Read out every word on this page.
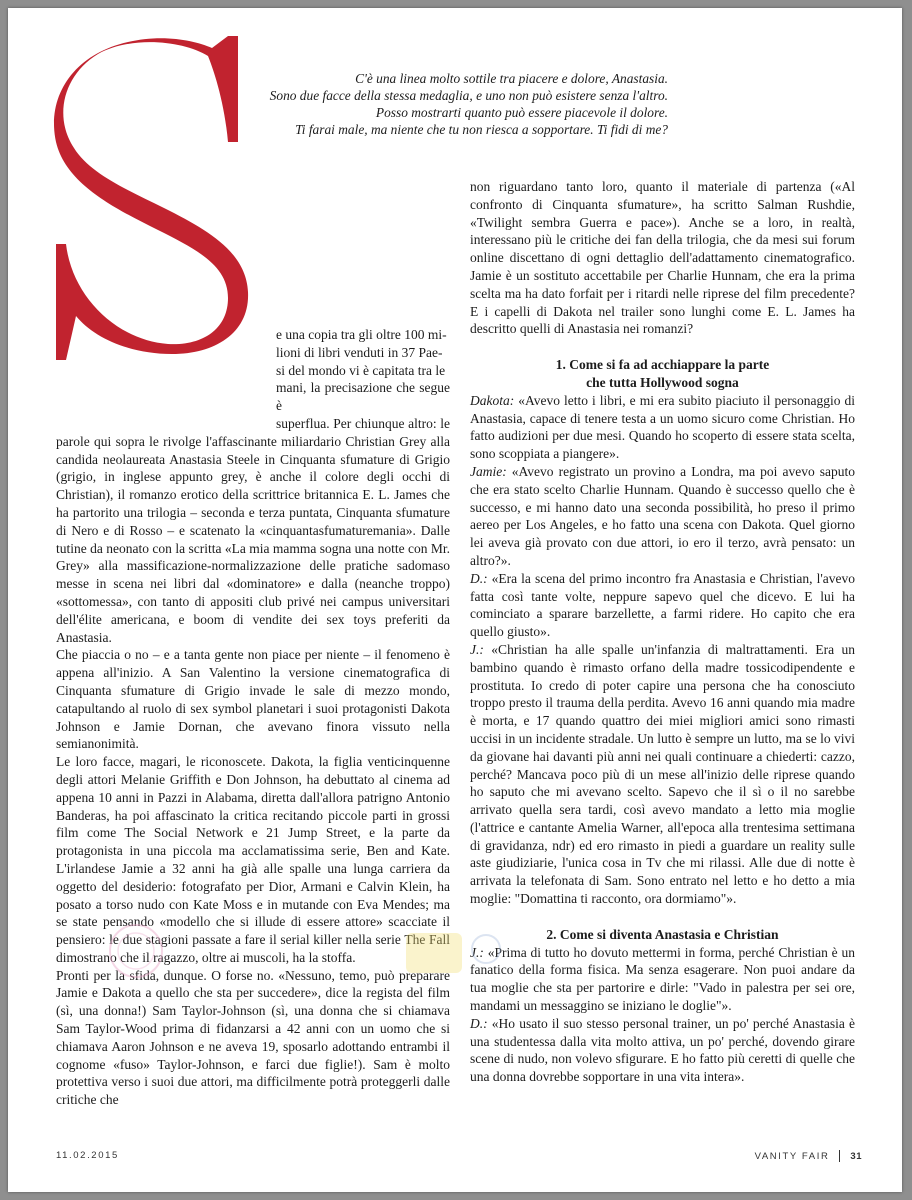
C'è una linea molto sottile tra piacere e dolore, Anastasia.

Sono due facce della stessa medaglia, e uno non può esistere senza l'altro.

Posso mostrarti quanto può essere piacevole il dolore.

Ti farai male, ma niente che tu non riesca a sopportare. Ti fidi di me?

e una copia tra gli oltre 100 mi-
lioni di libri venduti in 37 Pae-
si del mondo vi è capitata tra le
mani, la precisazione che segue è
superflua. Per chiunque altro: le parole qui sopra le rivolge l'affascinante miliardario Christian Grey alla candida neolaureata Anastasia Steele in Cinquanta sfumature di Grigio (grigio, in inglese appunto grey, è anche il colore degli occhi di Christian), il romanzo erotico della scrittrice britannica E. L. James che ha partorito una trilogia – seconda e terza puntata, Cinquanta sfumature di Nero e di Rosso – e scatenato la «cinquantasfumaturemania». Dalle tutine da neonato con la scritta «La mia mamma sogna una notte con Mr. Grey» alla massificazione-normalizzazione delle pratiche sadomaso messe in scena nei libri dal «dominatore» e dalla (neanche troppo) «sottomessa», con tanto di appositi club privé nei campus universitari dell'élite americana, e boom di vendite dei sex toys preferiti da Anastasia.

Che piaccia o no – e a tanta gente non piace per niente – il fenomeno è appena all'inizio. A San Valentino la versione cinematografica di Cinquanta sfumature di Grigio invade le sale di mezzo mondo, catapultando al ruolo di sex symbol planetari i suoi protagonisti Dakota Johnson e Jamie Dornan, che avevano finora vissuto nella semianonimità.

Le loro facce, magari, le riconoscete. Dakota, la figlia venticinquenne degli attori Melanie Griffith e Don Johnson, ha debuttato al cinema ad appena 10 anni in Pazzi in Alabama, diretta dall'allora patrigno Antonio Banderas, ha poi affascinato la critica recitando piccole parti in grossi film come The Social Network e 21 Jump Street, e la parte da protagonista in una piccola ma acclamatissima serie, Ben and Kate. L'irlandese Jamie a 32 anni ha già alle spalle una lunga carriera da oggetto del desiderio: fotografato per Dior, Armani e Calvin Klein, ha posato a torso nudo con Kate Moss e in mutande con Eva Mendes; ma se state pensando «modello che si illude di essere attore» scacciate il pensiero: le due stagioni passate a fare il serial killer nella serie The Fall dimostrano che il ragazzo, oltre ai muscoli, ha la stoffa.

Pronti per la sfida, dunque. O forse no. «Nessuno, temo, può preparare Jamie e Dakota a quello che sta per succedere», dice la regista del film (sì, una donna!) Sam Taylor-Johnson (sì, una donna che si chiamava Sam Taylor-Wood prima di fidanzarsi a 42 anni con un uomo che si chiamava Aaron Johnson e ne aveva 19, sposarlo adottando entrambi il cognome «fuso» Taylor-Johnson, e farci due figlie!). Sam è molto protettiva verso i suoi due attori, ma difficilmente potrà proteggerli dalle critiche che

non riguardano tanto loro, quanto il materiale di partenza («Al confronto di Cinquanta sfumature», ha scritto Salman Rushdie, «Twilight sembra Guerra e pace»). Anche se a loro, in realtà, interessano più le critiche dei fan della trilogia, che da mesi sui forum online discettano di ogni dettaglio dell'adattamento cinematografico. Jamie è un sostituto accettabile per Charlie Hunnam, che era la prima scelta ma ha dato forfait per i ritardi nelle riprese del film precedente? E i capelli di Dakota nel trailer sono lunghi come E. L. James ha descritto quelli di Anastasia nei romanzi?

1. Come si fa ad acchiappare la parte
che tutta Hollywood sogna

Dakota: «Avevo letto i libri, e mi era subito piaciuto il personaggio di Anastasia, capace di tenere testa a un uomo sicuro come Christian. Ho fatto audizioni per due mesi. Quando ho scoperto di essere stata scelta, sono scoppiata a piangere».

Jamie: «Avevo registrato un provino a Londra, ma poi avevo saputo che era stato scelto Charlie Hunnam. Quando è successo quello che è successo, e mi hanno dato una seconda possibilità, ho preso il primo aereo per Los Angeles, e ho fatto una scena con Dakota. Quel giorno lei aveva già provato con due attori, io ero il terzo, avrà pensato: un altro?».

D.: «Era la scena del primo incontro fra Anastasia e Christian, l'avevo fatta così tante volte, neppure sapevo quel che dicevo. E lui ha cominciato a sparare barzellette, a farmi ridere. Ho capito che era quello giusto».

J.: «Christian ha alle spalle un'infanzia di maltrattamenti. Era un bambino quando è rimasto orfano della madre tossicodipendente e prostituta. Io credo di poter capire una persona che ha conosciuto troppo presto il trauma della perdita. Avevo 16 anni quando mia madre è morta, e 17 quando quattro dei miei migliori amici sono rimasti uccisi in un incidente stradale. Un lutto è sempre un lutto, ma se lo vivi da giovane hai davanti più anni nei quali continuare a chiederti: cazzo, perché? Mancava poco più di un mese all'inizio delle riprese quando ho saputo che mi avevano scelto. Sapevo che il sì o il no sarebbe arrivato quella sera tardi, così avevo mandato a letto mia moglie (l'attrice e cantante Amelia Warner, all'epoca alla trentesima settimana di gravidanza, ndr) ed ero rimasto in piedi a guardare un reality sulle aste giudiziarie, l'unica cosa in Tv che mi rilassi. Alle due di notte è arrivata la telefonata di Sam. Sono entrato nel letto e ho detto a mia moglie: "Domattina ti racconto, ora dormiamo"».

2. Come si diventa Anastasia e Christian

J.: «Prima di tutto ho dovuto mettermi in forma, perché Christian è un fanatico della forma fisica. Ma senza esagerare. Non puoi andare da tua moglie che sta per partorire e dirle: "Vado in palestra per sei ore, mandami un messaggino se iniziano le doglie"».

D.: «Ho usato il suo stesso personal trainer, un po' perché Anastasia è una studentessa dalla vita molto attiva, un po' perché, dovendo girare scene di nudo, non volevo sfigurare. E ho fatto più ceretti di quelle che una donna dovrebbe sopportare in una vita intera».

11.02.2015	VANITY FAIR 31
